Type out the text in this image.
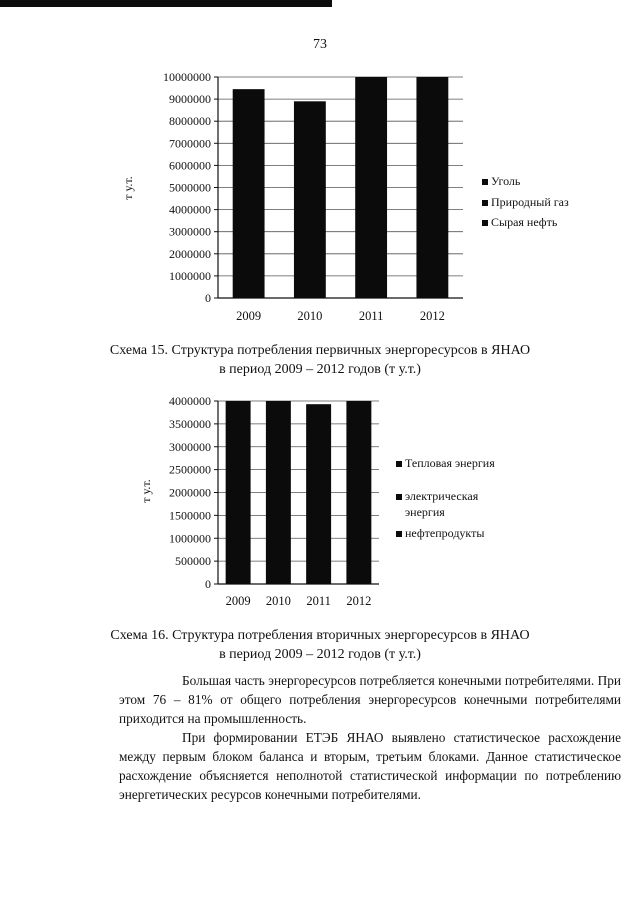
73
0
1000000
2000000
3000000
4000000
5000000
6000000
7000000
8000000
9000000
10000000
2009	2010	2011	2012
т у.т.	Уголь
Природный газ
Сырая нефть
Схема 15. Структура потребления первичных энергоресурсов в ЯНАО
в период 2009 – 2012 годов (т у.т.)
0
500000
1000000
1500000
2000000
2500000
3000000
3500000
4000000
2009 2010 2011 2012
т у.т.
Тепловая энергия
электрическая энергия
нефтепродукты
Схема 16. Структура потребления вторичных энергоресурсов в ЯНАО
в период 2009 – 2012 годов (т у.т.)

Большая часть энергоресурсов потребляется конечными потребителями. При этом 76 – 81% от общего потребления энергоресурсов конечными потребителями приходится на промышленность.

При формировании ЕТЭБ ЯНАО выявлено статистическое расхождение между первым блоком баланса и вторым, третьим блоками. Данное статистическое расхождение объясняется неполнотой статистической информации по потреблению энергетических ресурсов конечными потребителями.
